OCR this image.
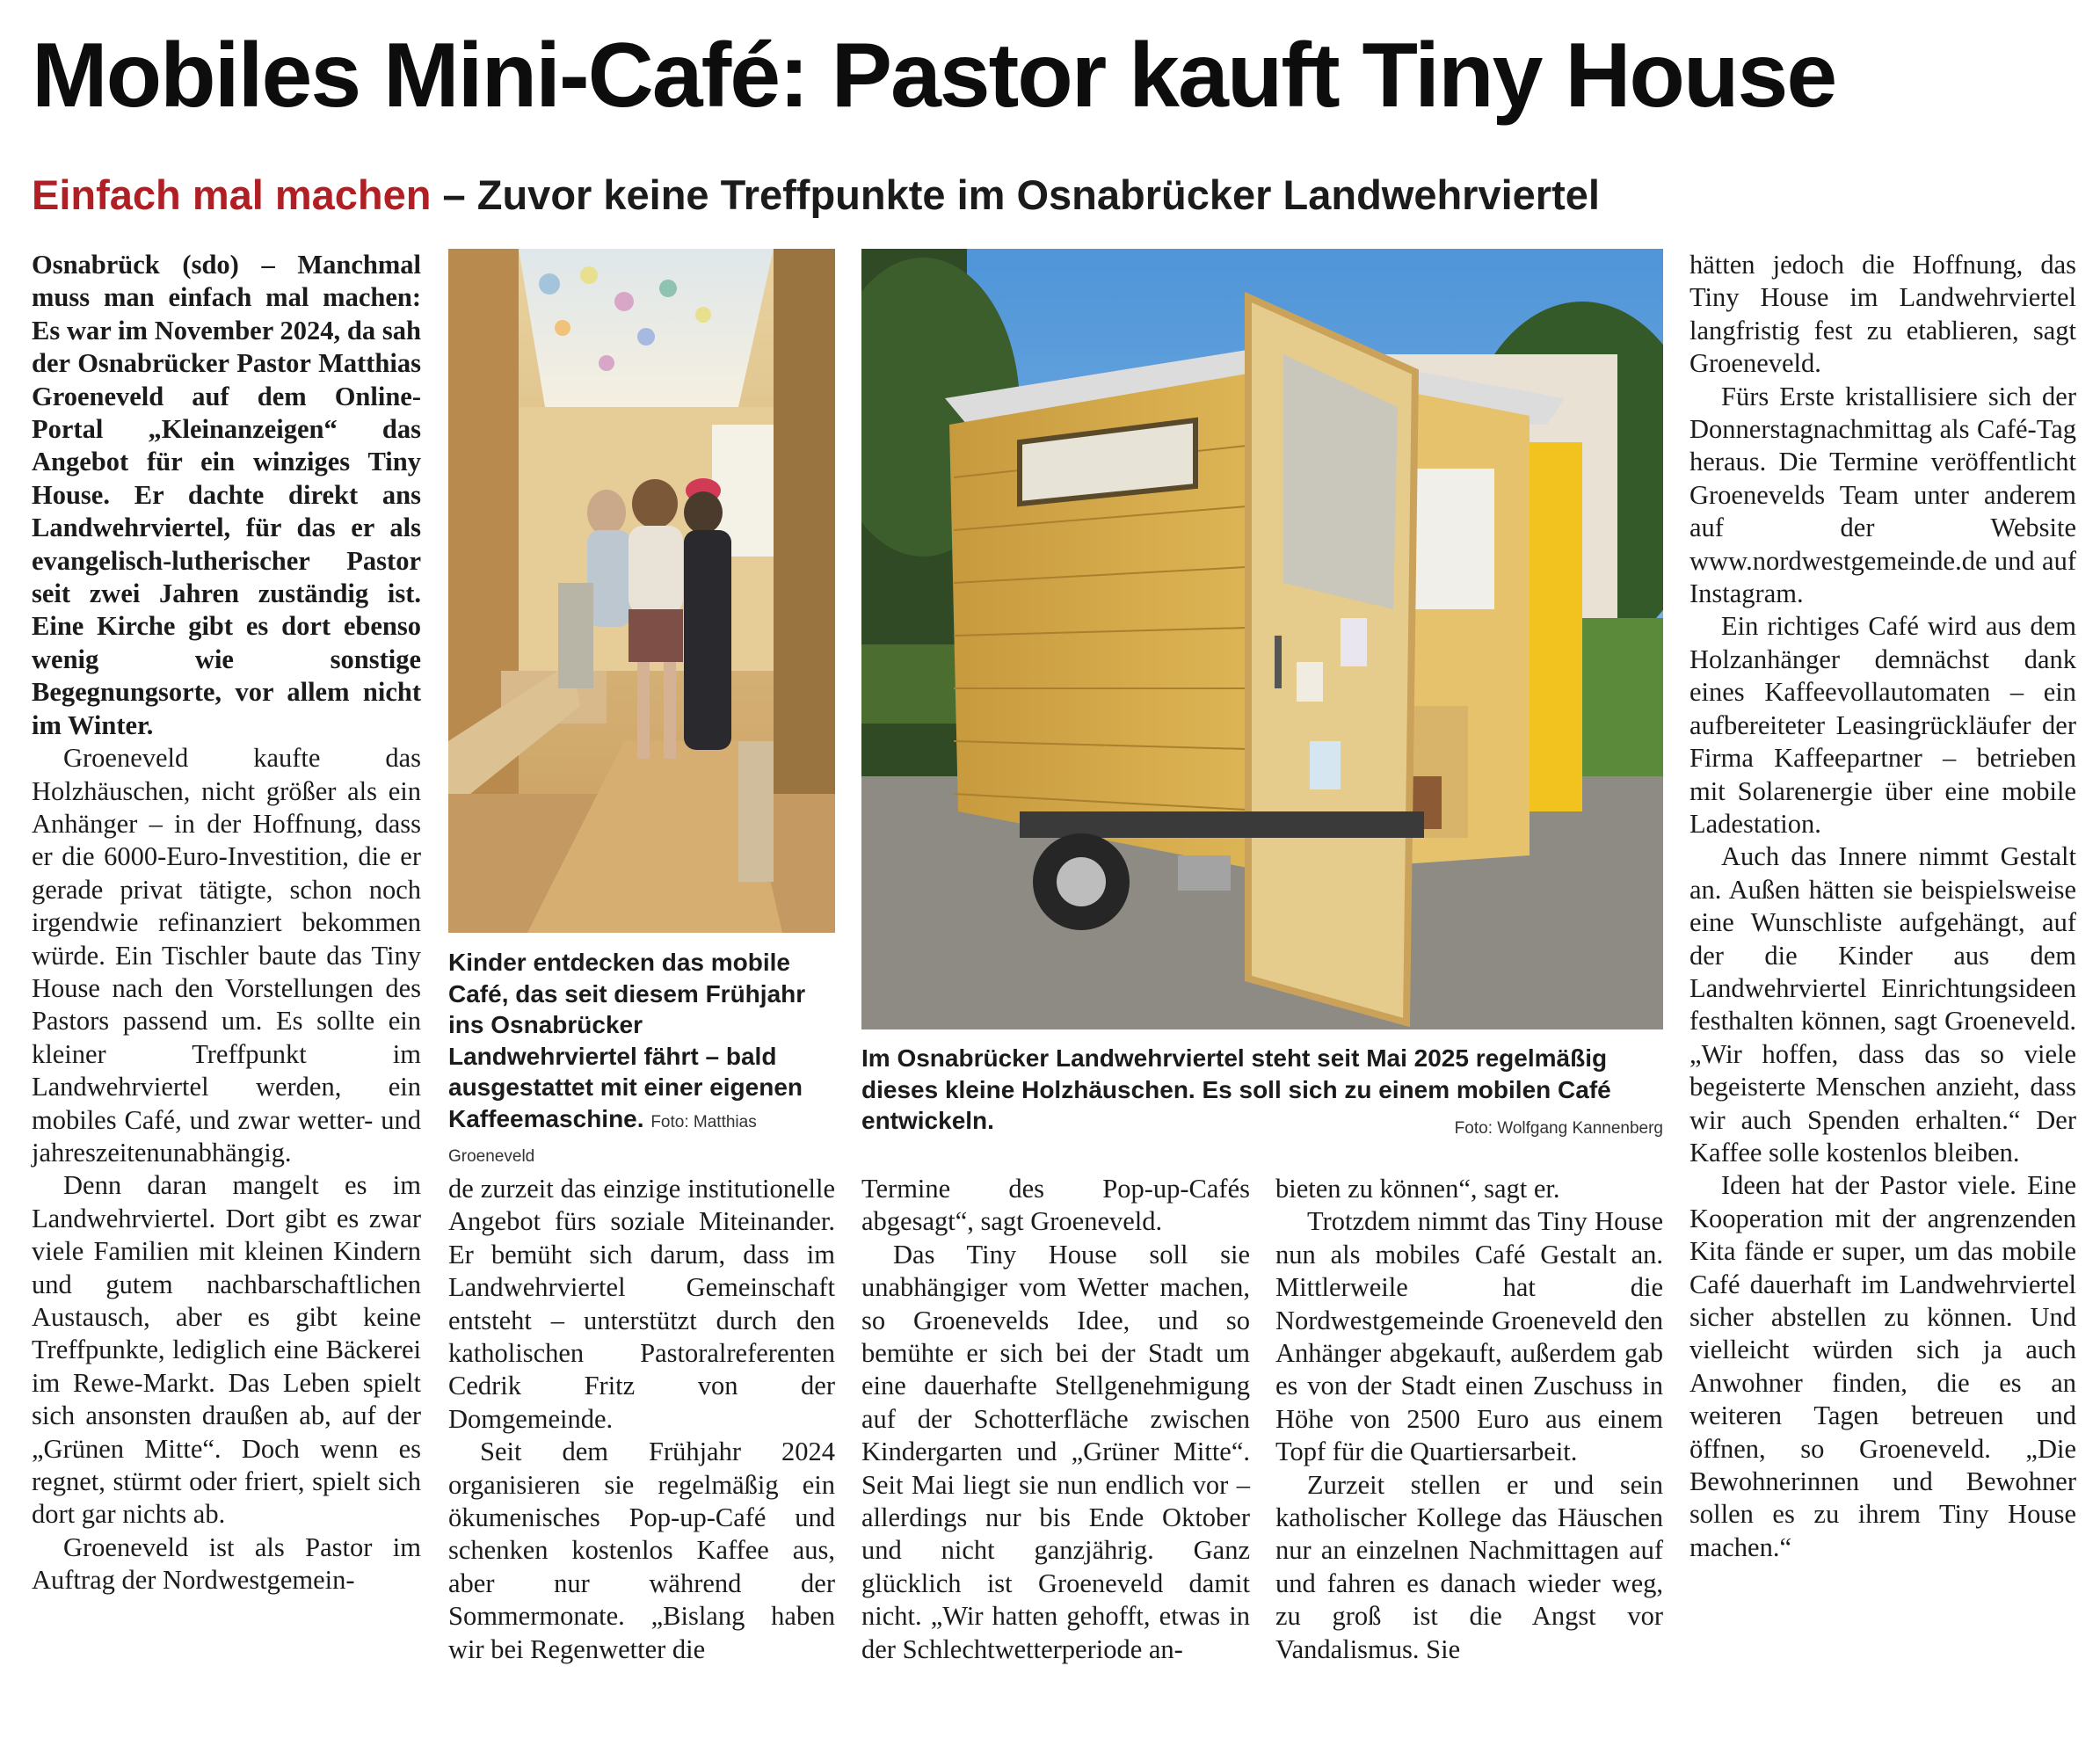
Mobiles Mini-Café: Pastor kauft Tiny House
Einfach mal machen – Zuvor keine Treffpunkte im Osnabrücker Landwehrviertel

Osnabrück (sdo) – Manchmal muss man einfach mal machen: Es war im November 2024, da sah der Osnabrücker Pastor Matthias Groeneveld auf dem Online-Portal „Kleinanzeigen“ das Angebot für ein winziges Tiny House. Er dachte direkt ans Landwehrviertel, für das er als evangelisch-lutherischer Pastor seit zwei Jahren zuständig ist. Eine Kirche gibt es dort ebenso wenig wie sonstige Begegnungsorte, vor allem nicht im Winter.

Groeneveld kaufte das Holzhäuschen, nicht größer als ein Anhänger – in der Hoffnung, dass er die 6000-Euro-Investition, die er gerade privat tätigte, schon noch irgendwie refinanziert bekommen würde. Ein Tischler baute das Tiny House nach den Vorstellungen des Pastors passend um. Es sollte ein kleiner Treffpunkt im Landwehrviertel werden, ein mobiles Café, und zwar wetter- und jahreszeitenunabhängig.

Denn daran mangelt es im Landwehrviertel. Dort gibt es zwar viele Familien mit kleinen Kindern und gutem nachbarschaftlichen Austausch, aber es gibt keine Treffpunkte, lediglich eine Bäckerei im Rewe-Markt. Das Leben spielt sich ansonsten draußen ab, auf der „Grünen Mitte“. Doch wenn es regnet, stürmt oder friert, spielt sich dort gar nichts ab.

Groeneveld ist als Pastor im Auftrag der Nordwestgemein-

Kinder entdecken das mobile Café, das seit diesem Frühjahr ins Osnabrücker Landwehrviertel fährt – bald ausgestattet mit einer eigenen Kaffeemaschine. Foto: Matthias Groeneveld
Im Osnabrücker Landwehrviertel steht seit Mai 2025 regelmäßig dieses kleine Holzhäuschen. Es soll sich zu einem mobilen Café entwickeln.	Foto: Wolfgang Kannenberg

de zurzeit das einzige institutionelle Angebot fürs soziale Miteinander. Er bemüht sich darum, dass im Landwehrviertel Gemeinschaft entsteht – unterstützt durch den katholischen Pastoralreferenten Cedrik Fritz von der Domgemeinde.

Seit dem Frühjahr 2024 organisieren sie regelmäßig ein ökumenisches Pop-up-Café und schenken kostenlos Kaffee aus, aber nur während der Sommermonate. „Bislang haben wir bei Regenwetter die

Termine des Pop-up-Cafés abgesagt“, sagt Groeneveld.

Das Tiny House soll sie unabhängiger vom Wetter machen, so Groenevelds Idee, und so bemühte er sich bei der Stadt um eine dauerhafte Stellgenehmigung auf der Schotterfläche zwischen Kindergarten und „Grüner Mitte“. Seit Mai liegt sie nun endlich vor – allerdings nur bis Ende Oktober und nicht ganzjährig. Ganz glücklich ist Groeneveld damit nicht. „Wir hatten gehofft, etwas in der Schlechtwetterperiode an-

bieten zu können“, sagt er.

Trotzdem nimmt das Tiny House nun als mobiles Café Gestalt an. Mittlerweile hat die Nordwestgemeinde Groeneveld den Anhänger abgekauft, außerdem gab es von der Stadt einen Zuschuss in Höhe von 2500 Euro aus einem Topf für die Quartiersarbeit.

Zurzeit stellen er und sein katholischer Kollege das Häuschen nur an einzelnen Nachmittagen auf und fahren es danach wieder weg, zu groß ist die Angst vor Vandalismus. Sie

hätten jedoch die Hoffnung, das Tiny House im Landwehrviertel langfristig fest zu etablieren, sagt Groeneveld.

Fürs Erste kristallisiere sich der Donnerstagnachmittag als Café-Tag heraus. Die Termine veröffentlicht Groenevelds Team unter anderem auf der Website www.nordwestgemeinde.de und auf Instagram.

Ein richtiges Café wird aus dem Holzanhänger demnächst dank eines Kaffeevollautomaten – ein aufbereiteter Leasingrückläufer der Firma Kaffeepartner – betrieben mit Solarenergie über eine mobile Ladestation.

Auch das Innere nimmt Gestalt an. Außen hätten sie beispielsweise eine Wunschliste aufgehängt, auf der die Kinder aus dem Landwehrviertel Einrichtungsideen festhalten können, sagt Groeneveld. „Wir hoffen, dass das so viele begeisterte Menschen anzieht, dass wir auch Spenden erhalten.“ Der Kaffee solle kostenlos bleiben.

Ideen hat der Pastor viele. Eine Kooperation mit der angrenzenden Kita fände er super, um das mobile Café dauerhaft im Landwehrviertel sicher abstellen zu können. Und vielleicht würden sich ja auch Anwohner finden, die es an weiteren Tagen betreuen und öffnen, so Groeneveld. „Die Bewohnerinnen und Bewohner sollen es zu ihrem Tiny House machen.“
